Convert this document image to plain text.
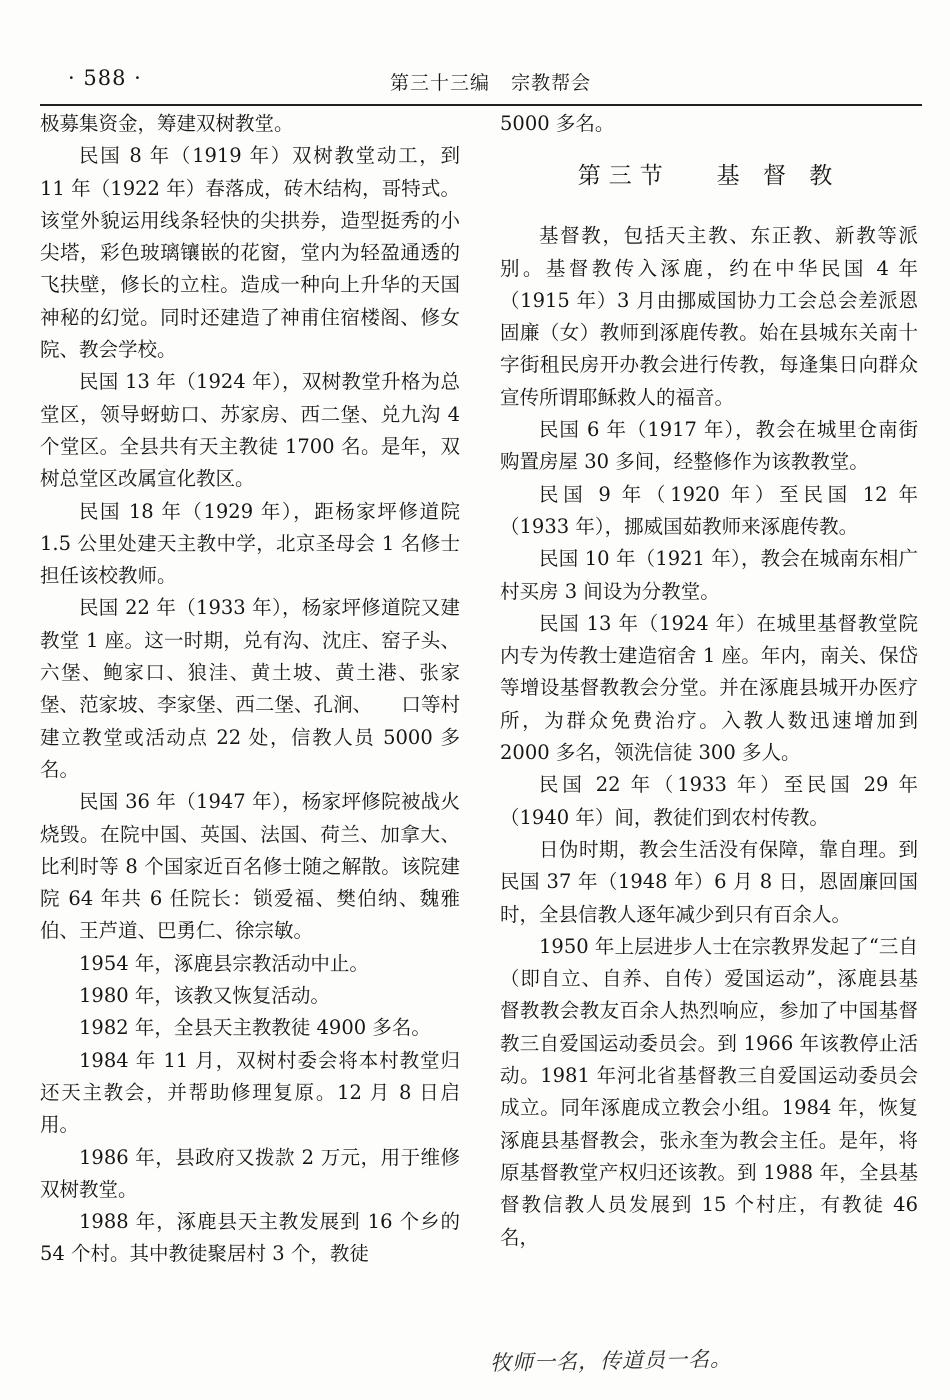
· 588 ·	第三十三编   宗教帮会

极募集资金，筹建双树教堂。

民国 8 年（1919 年）双树教堂动工，到 11 年（1922 年）春落成，砖木结构，哥特式。该堂外貌运用线条轻快的尖拱券，造型挺秀的小尖塔，彩色玻璃镶嵌的花窗，堂内为轻盈通透的飞扶壁，修长的立柱。造成一种向上升华的天国神秘的幻觉。同时还建造了神甫住宿楼阁、修女院、教会学校。

民国 13 年（1924 年），双树教堂升格为总堂区，领导蚜蚄口、苏家房、西二堡、兑九沟 4 个堂区。全县共有天主教徒 1700 名。是年，双树总堂区改属宣化教区。

民国 18 年（1929 年），距杨家坪修道院 1.5 公里处建天主教中学，北京圣母会 1 名修士担任该校教师。

民国 22 年（1933 年），杨家坪修道院又建教堂 1 座。这一时期，兑有沟、沈庄、窑子头、六堡、鲍家口、狼洼、黄土坡、黄土港、张家堡、范家坡、李家堡、西二堡、孔涧、　　口等村建立教堂或活动点 22 处，信教人员 5000 多名。

民国 36 年（1947 年），杨家坪修院被战火烧毁。在院中国、英国、法国、荷兰、加拿大、比利时等 8 个国家近百名修士随之解散。该院建院 64 年共 6 任院长：锁爱福、樊伯纳、魏雅伯、王芦道、巴勇仁、徐宗敏。

1954 年，涿鹿县宗教活动中止。

1980 年，该教又恢复活动。

1982 年，全县天主教教徒 4900 多名。

1984 年 11 月，双树村委会将本村教堂归还天主教会，并帮助修理复原。12 月 8 日启用。

1986 年，县政府又拨款 2 万元，用于维修双树教堂。

1988 年，涿鹿县天主教发展到 16 个乡的 54 个村。其中教徒聚居村 3 个，教徒

5000 多名。

第三节   基 督 教

基督教，包括天主教、东正教、新教等派别。基督教传入涿鹿，约在中华民国 4 年（1915 年）3 月由挪威国协力工会总会差派恩固廉（女）教师到涿鹿传教。始在县城东关南十字街租民房开办教会进行传教，每逢集日向群众宣传所谓耶稣救人的福音。

民国 6 年（1917 年），教会在城里仓南街购置房屋 30 多间，经整修作为该教教堂。

民国 9 年（1920 年）至民国 12 年（1933 年），挪威国茹教师来涿鹿传教。

民国 10 年（1921 年），教会在城南东相广村买房 3 间设为分教堂。

民国 13 年（1924 年）在城里基督教堂院内专为传教士建造宿舍 1 座。年内，南关、保岱等增设基督教教会分堂。并在涿鹿县城开办医疗所，为群众免费治疗。入教人数迅速增加到 2000 多名，领洗信徒 300 多人。

民国 22 年（1933 年）至民国 29 年（1940 年）间，教徒们到农村传教。

日伪时期，教会生活没有保障，靠自理。到民国 37 年（1948 年）6 月 8 日，恩固廉回国时，全县信教人逐年减少到只有百余人。

1950 年上层进步人士在宗教界发起了“三自（即自立、自养、自传）爱国运动”，涿鹿县基督教教会教友百余人热烈响应，参加了中国基督教三自爱国运动委员会。到 1966 年该教停止活动。1981 年河北省基督教三自爱国运动委员会成立。同年涿鹿成立教会小组。1984 年，恢复涿鹿县基督教会，张永奎为教会主任。是年，将原基督教堂产权归还该教。到 1988 年，全县基督教信教人员发展到 15 个村庄，有教徒 46 名，

牧师一名，传道员一名。
